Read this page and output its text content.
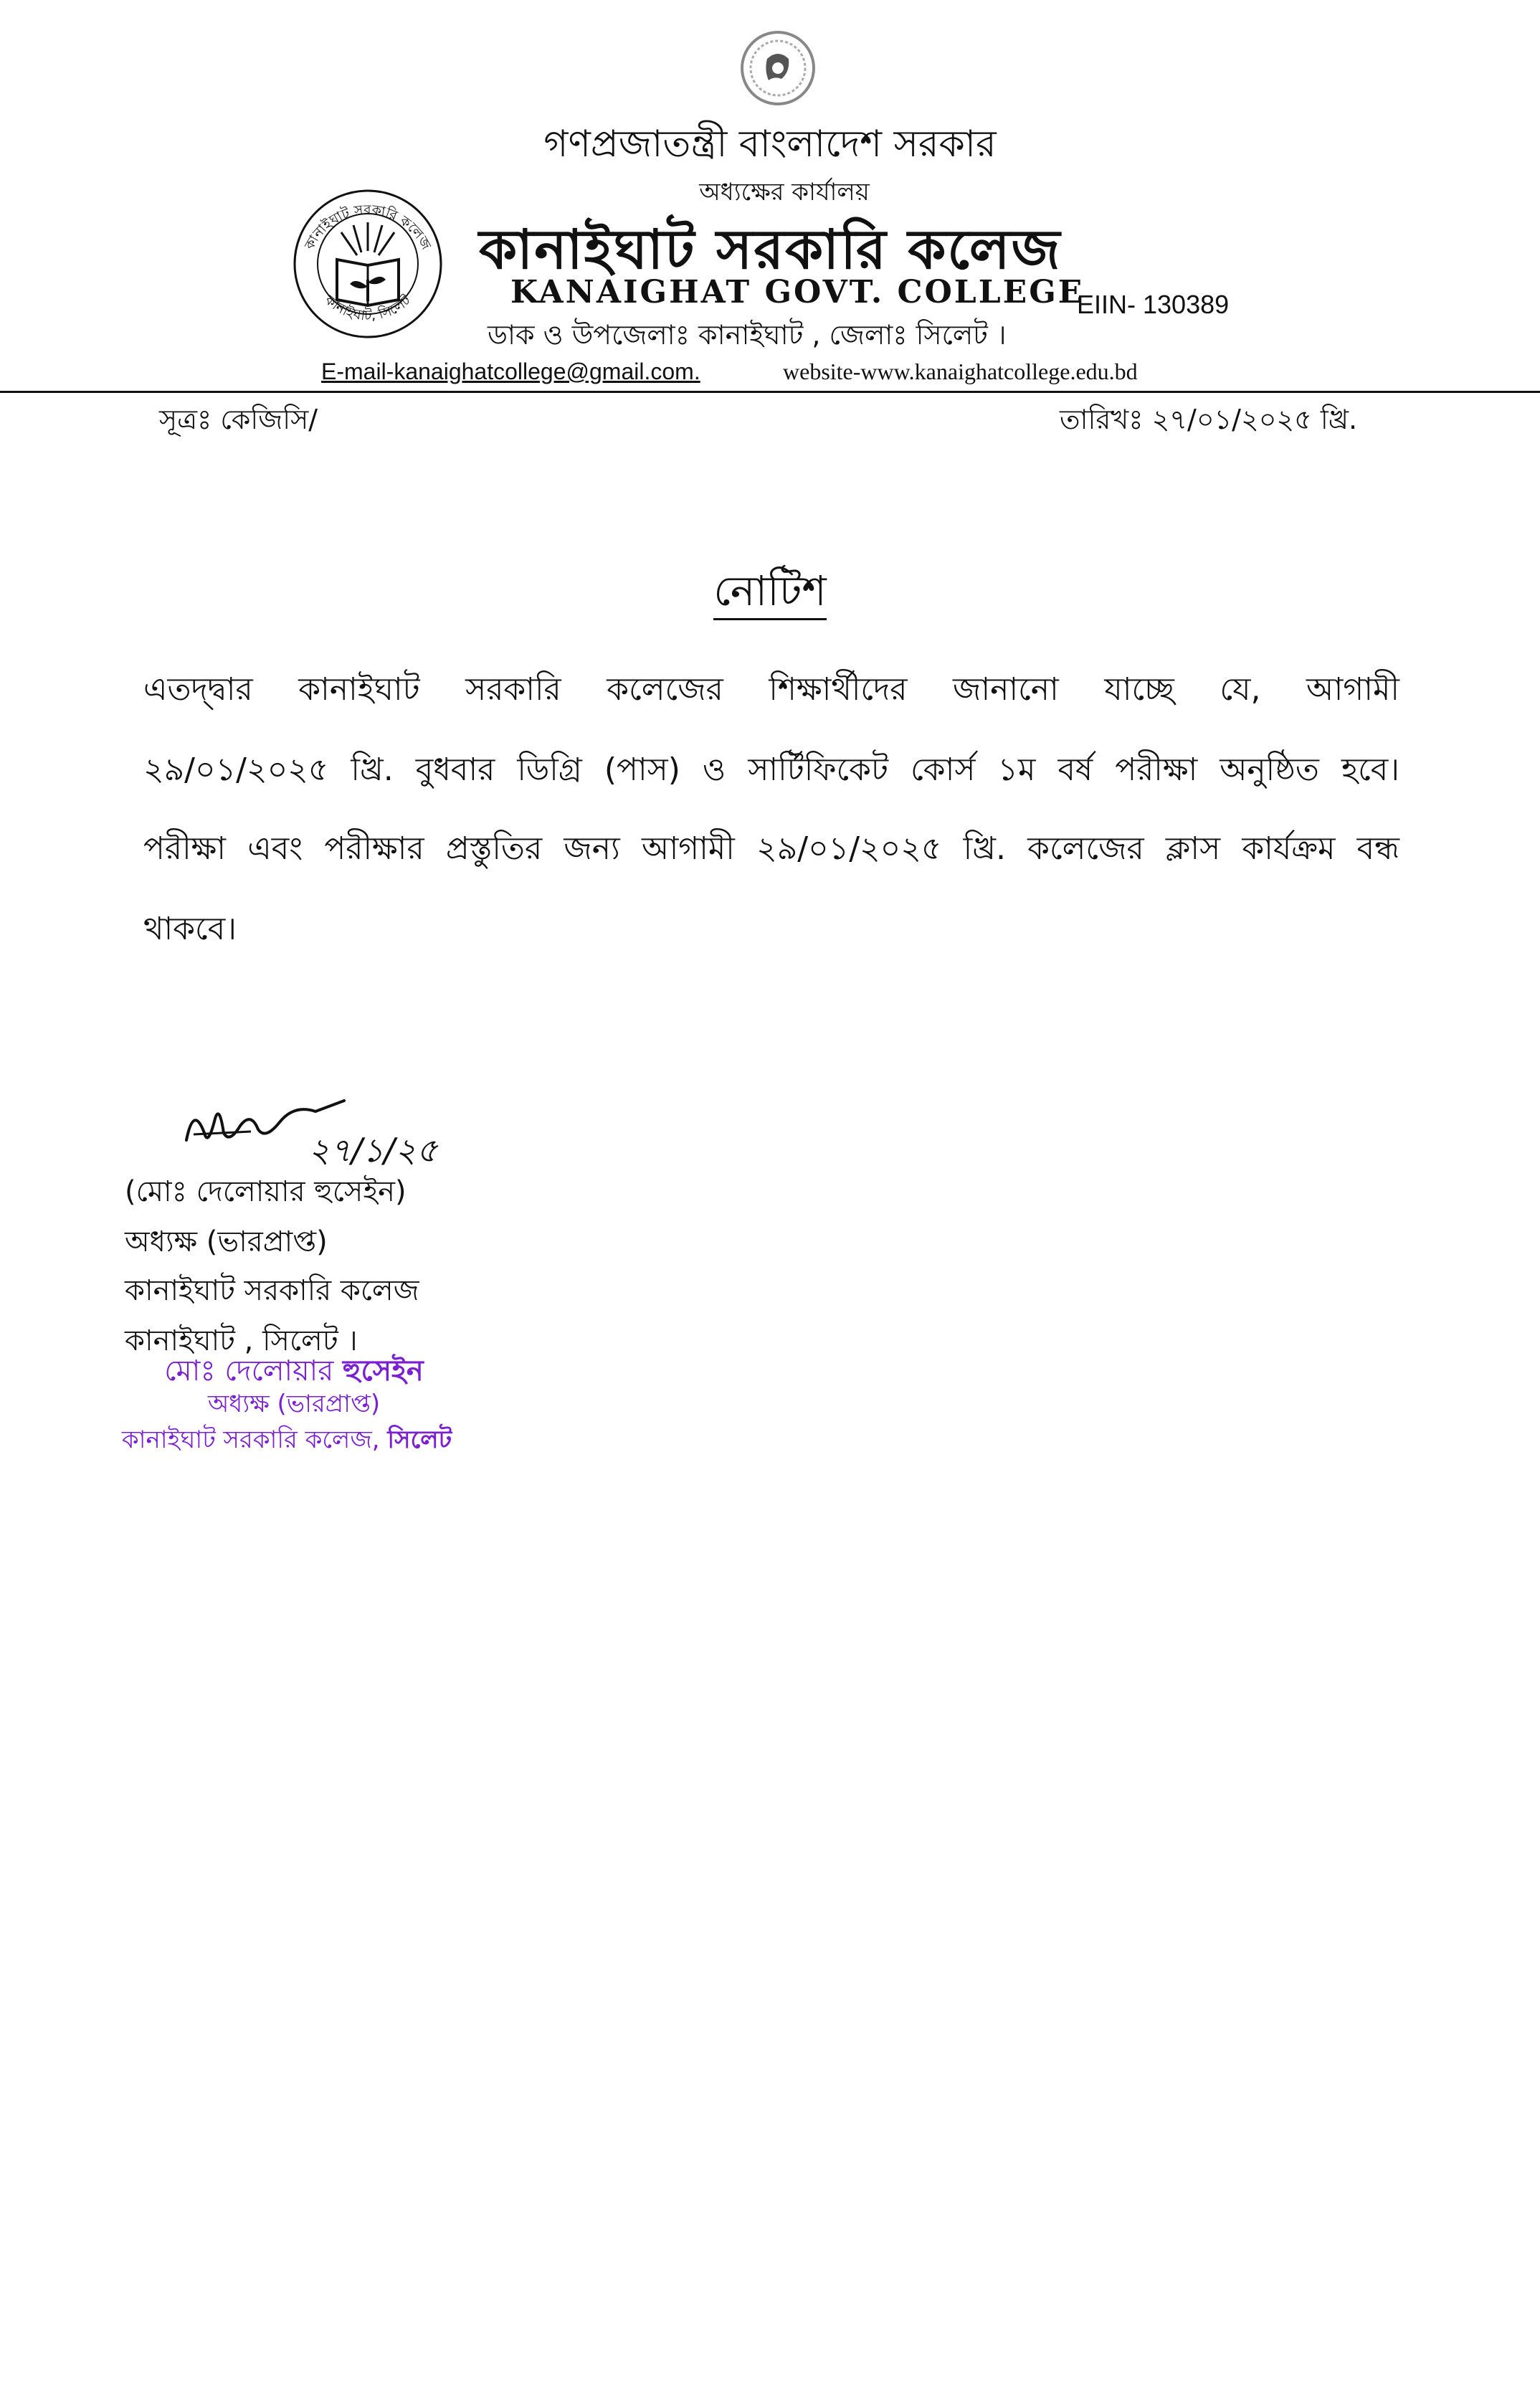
কানাইঘাট সরকারি কলেজ
কানাইঘাট, সিলেট
গণপ্রজাতন্ত্রী বাংলাদেশ সরকার
অধ্যক্ষের কার্যালয়
কানাইঘাট সরকারি কলেজ
KANAIGHAT GOVT. COLLEGE
EIIN- 130389
ডাক ও উপজেলাঃ কানাইঘাট , জেলাঃ সিলেট ।
E-mail-kanaighatcollege@gmail.com.	website-www.kanaighatcollege.edu.bd
সূত্রঃ কেজিসি/	তারিখঃ ২৭/০১/২০২৫ খ্রি.
নোটিশ
এতদ্দ্বার কানাইঘাট সরকারি কলেজের শিক্ষার্থীদের জানানো যাচ্ছে যে, আগামী
২৯/০১/২০২৫ খ্রি. বুধবার ডিগ্রি (পাস) ও সার্টিফিকেট কোর্স ১ম বর্ষ পরীক্ষা অনুষ্ঠিত হবে।
পরীক্ষা এবং পরীক্ষার প্রস্তুতির জন্য আগামী ২৯/০১/২০২৫ খ্রি. কলেজের ক্লাস কার্যক্রম বন্ধ
থাকবে।
২৭/১/২৫
(মোঃ দেলোয়ার হুসেইন)
অধ্যক্ষ (ভারপ্রাপ্ত)
কানাইঘাট সরকারি কলেজ
কানাইঘাট , সিলেট ।
মোঃ দেলোয়ার হুসেইন
অধ্যক্ষ (ভারপ্রাপ্ত)
কানাইঘাট সরকারি কলেজ, সিলেট
